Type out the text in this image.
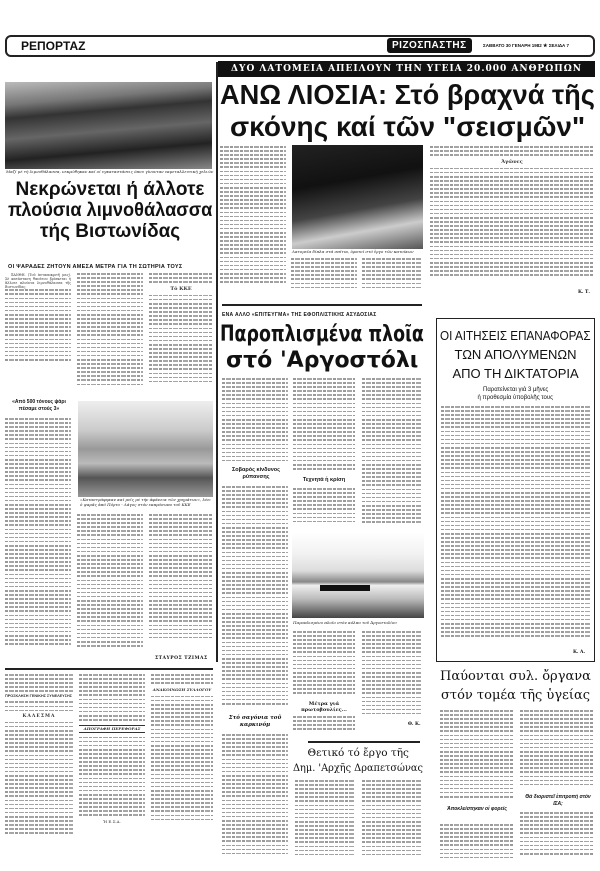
ΡΕΠΟΡΤΑΖ	ΡΙΖΟΣΠΑΣΤΗΣ	ΣΑΒΒΑΤΟ 30 ΓΕΝΑΡΗ 1982 ★ ΣΕΛΙΔΑ 7
Μαζί μέ τή λιμνοθάλασσα, νεκρώθηκαν καί οί εγκαταστάσεις όπου γίνονταν εκμεταλλευτική χελιών
Νεκρώνεται ή άλλοτε
πλούσια λιμνοθάλασσα
τής Βιστωνίδας
ΟΙ ΨΑΡΑΔΕΣ ΖΗΤΟΥΝ ΑΜΕΣΑ ΜΕΤΡΑ ΓΙΑ ΤΗ ΣΩΤΗΡΙΑ ΤΟΥΣ

ΞΑΝΘΗ. (Τοῦ ἀνταποκριτῆ μας). Σέ κατάσταση θανάτου βρίσκεται ἡ ἄλλοτε πλούσια λιμνοθάλασσα τῆς Βιστωνίδας.	Τό ΚΚΕ
«Από 500 τόνους ψάρι πέσαμε στούς 3»
«Καταστράφηκαν καί μεῖς μέ τήν ἀφάνεια τῶν χρημάτων», λέει ὁ ψαρᾶς ἀπό Πόρτο - Λάγος στόν εκπρόσωπο τοῦ ΚΚΕ
ΣΤΑΥΡΟΣ ΤΖΙΜΑΣ
ΠΡΟΣΚΛΗΣΗ ΓΕΝΙΚΗΣ ΣΥΝΕΛΕΥΣΗΣ
ΚΑΛΕΣΜΑ
ΑΠΟΓΡΑΦΗ ΠΕΡΕΦΟΡΑΣ
Ἡ Ε.Σ.Α.
ΑΝΑΚΟΙΝΩΣΗ ΣΥΛΛΟΓΟΥ
ΔΥΟ ΛΑΤΟΜΕΙΑ ΑΠΕΙΛΟΥΝ ΤΗΝ ΥΓΕΙΑ 20.000 ΑΝΘΡΩΠΩΝ
ΑΝΩ ΛΙΟΣΙΑ: Στό βραχνά τῆς
σκόνης καί τῶν "σεισμῶν"
Λατομεῖα δίπλα στά σπίτια, ὁρατοί στό ἔργο τῶν κατοίκων
Ἀγῶνες
Κ. Τ.
ΕΝΑ ΑΛΛΟ «ΕΠΙΤΕΥΓΜΑ» ΤΗΣ ΕΦΟΠΛΙΣΤΙΚΗΣ ΑΣΥΔΟΣΙΑΣ
Παροπλισμένα πλοῖα
στό 'Αργοστόλι
Σοβαρός κίνδυνος ρύπανσης
Στό σαγόνια τοῦ καρκινόμ
Τεχνητά ἡ κρίση
Παροπλισμένο πλοῖο στόν κόλπο τοῦ Ἀργοστολίου
Μέτρα γιά πρωτοβουλίες...
Θ. Κ.
Θετικό τό ἔργο τῆς
Δημ. 'Αρχῆς Δραπετσώνας
ΟΙ ΑΙΤΗΣΕΙΣ ΕΠΑΝΑΦΟΡΑΣ
ΤΩΝ ΑΠΟΛΥΜΕΝΩΝ
ΑΠΟ ΤΗ ΔΙΚΤΑΤΟΡΙΑ
Παρατείνεται γιά 3 μῆνες
ἡ προθεσμία ὑποβολῆς τους
Κ. Α.
Παύονται συλ. ὄργανα
στόν τομέα τῆς ὑγείας
Ἀποκλείστηκαν οἱ φορείς
Θά διοριστεῖ ἐπιτροπή στόν ΙΣΑ;
